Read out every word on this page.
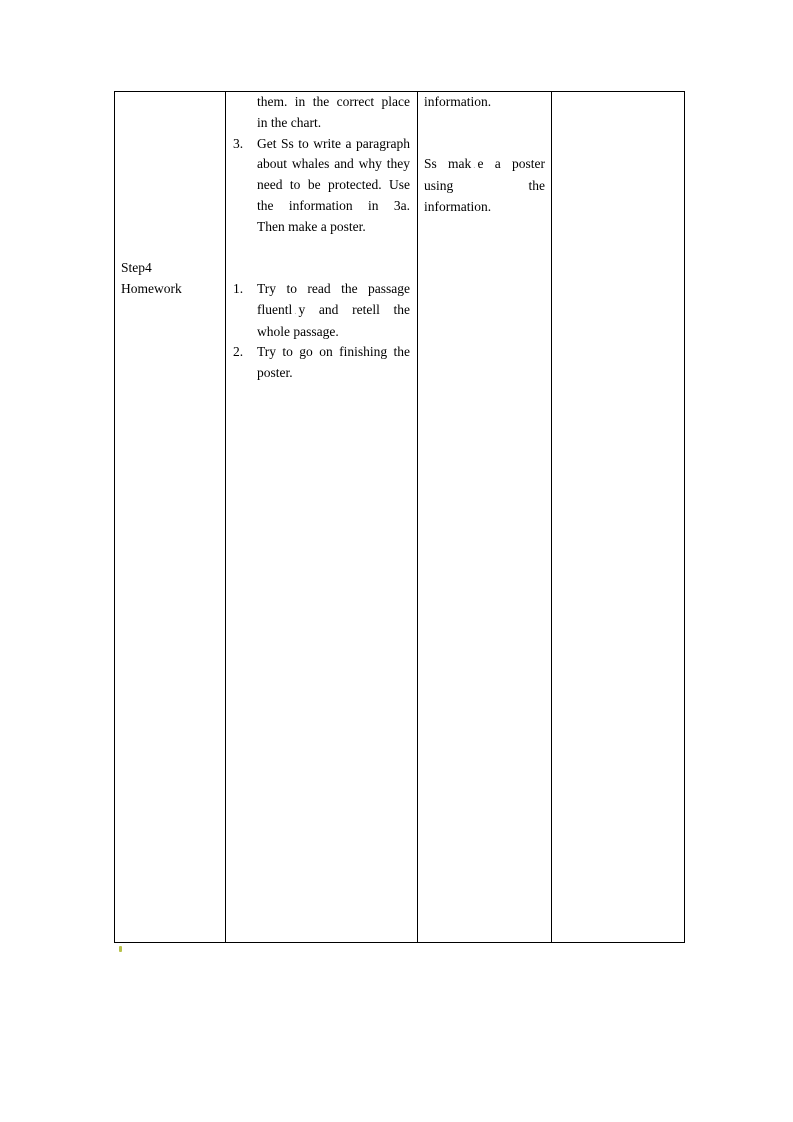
Step4
Homework
them. in the correct place
in the chart.
3. Get Ss to write a paragraph
about whales and why they
need to be protected. Use
the information in 3a.
Then make a poster.
1. Try to read the passage
fluentl . y and retell the
whole passage.
2. Try to go on finishing the
poster.
information.
Ss mak . e a poster
using the
information.
